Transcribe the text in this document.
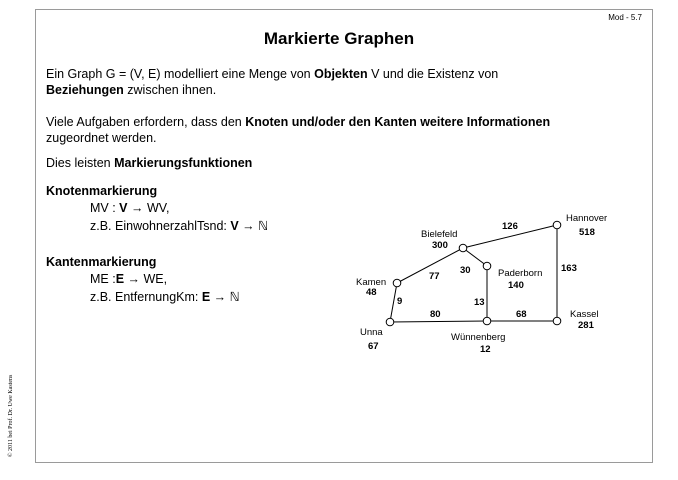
Mod - 5.7
Markierte Graphen
Ein Graph G = (V, E) modelliert eine Menge von Objekten V und die Existenz von
Beziehungen zwischen ihnen.
Viele Aufgaben erfordern, dass den Knoten und/oder den Kanten weitere Informationen
zugeordnet werden.
Dies leisten Markierungsfunktionen
Knotenmarkierung
MV : V → WV,
z.B. EinwohnerzahlTsnd: V → ℕ
Kantenmarkierung
ME :E → WE,
z.B. EntfernungKm: E → ℕ
Bielefeld
300
Hannover
518
Kamen
48
Paderborn
140
Unna
67
Wünnenberg
12
Kassel
281
126
163
77
30
9	13
80	68
© 2011 bei Prof. Dr. Uwe Kastens
